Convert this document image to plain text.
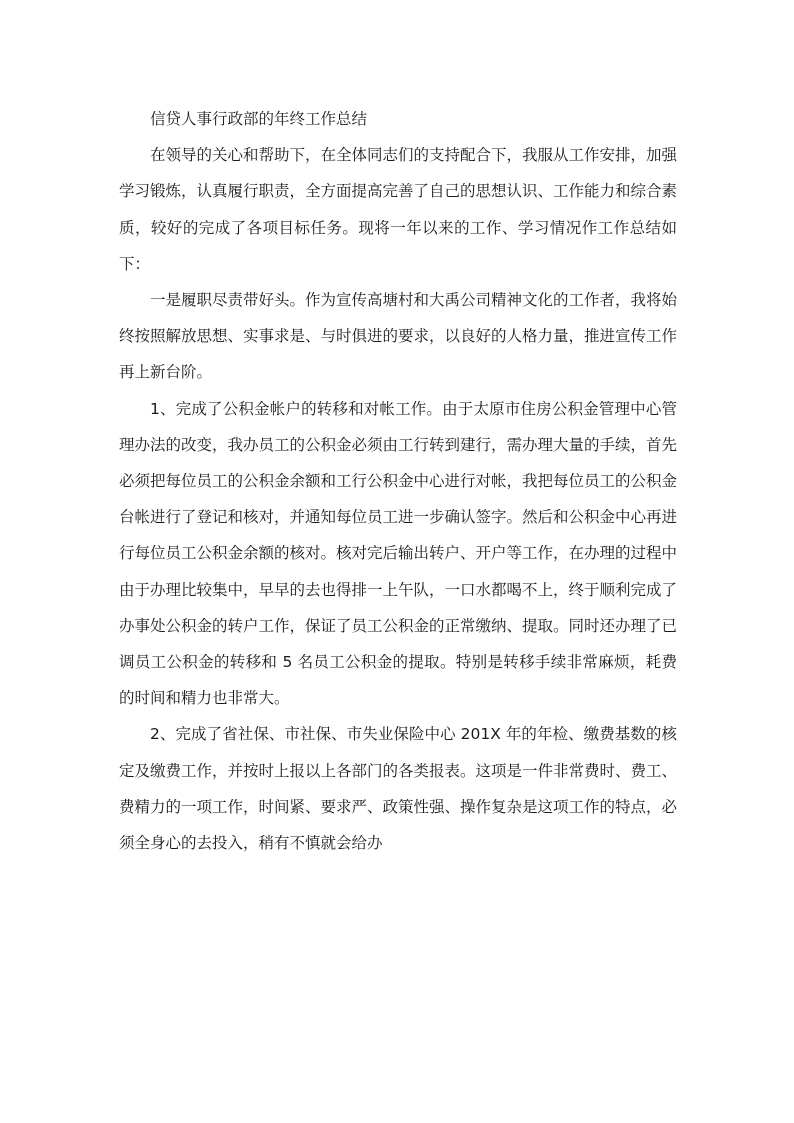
信贷人事行政部的年终工作总结

在领导的关心和帮助下，在全体同志们的支持配合下，我服从工作安排，加强学习锻炼，认真履行职责，全方面提高完善了自己的思想认识、工作能力和综合素质，较好的完成了各项目标任务。现将一年以来的工作、学习情况作工作总结如下：

一是履职尽责带好头。作为宣传高塘村和大禹公司精神文化的工作者，我将始终按照解放思想、实事求是、与时俱进的要求，以良好的人格力量，推进宣传工作再上新台阶。

1、完成了公积金帐户的转移和对帐工作。由于太原市住房公积金管理中心管理办法的改变，我办员工的公积金必须由工行转到建行，需办理大量的手续，首先必须把每位员工的公积金余额和工行公积金中心进行对帐，我把每位员工的公积金台帐进行了登记和核对，并通知每位员工进一步确认签字。然后和公积金中心再进行每位员工公积金余额的核对。核对完后输出转户、开户等工作，在办理的过程中由于办理比较集中，早早的去也得排一上午队，一口水都喝不上，终于顺利完成了办事处公积金的转户工作，保证了员工公积金的正常缴纳、提取。同时还办理了已调员工公积金的转移和 5 名员工公积金的提取。特别是转移手续非常麻烦，耗费的时间和精力也非常大。

2、完成了省社保、市社保、市失业保险中心 201X 年的年检、缴费基数的核定及缴费工作，并按时上报以上各部门的各类报表。这项是一件非常费时、费工、费精力的一项工作，时间紧、要求严、政策性强、操作复杂是这项工作的特点，必须全身心的去投入，稍有不慎就会给办
